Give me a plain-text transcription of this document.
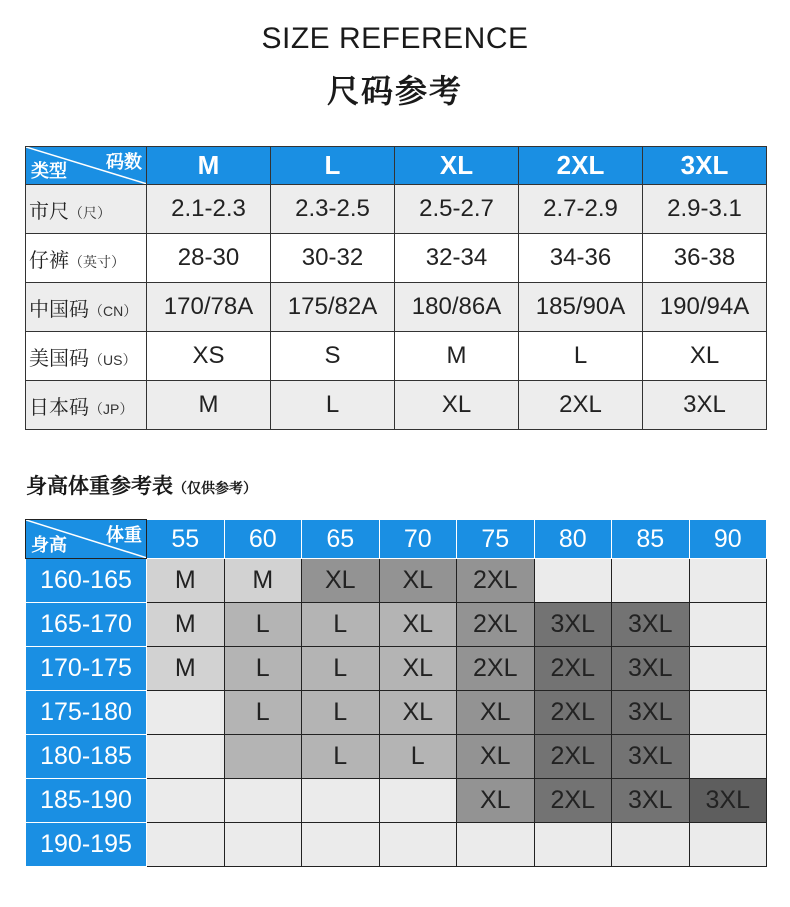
SIZE REFERENCE
尺码参考
码数
类型	M	L	XL	2XL	3XL
市尺（尺）	2.1-2.3	2.3-2.5	2.5-2.7	2.7-2.9	2.9-3.1
仔裤（英寸）	28-30	30-32	32-34	34-36	36-38
中国码（CN）	170/78A	175/82A	180/86A	185/90A	190/94A
美国码（US）	XS	S	M	L	XL
日本码（JP）	M	L	XL	2XL	3XL
身高体重参考表（仅供参考）
体重
身高	55	60	65	70	75	80	85	90
160-165	M	M	XL	XL	2XL			
165-170	M	L	L	XL	2XL	3XL	3XL	
170-175	M	L	L	XL	2XL	2XL	3XL	
175-180		L	L	XL	XL	2XL	3XL	
180-185			L	L	XL	2XL	3XL	
185-190					XL	2XL	3XL	3XL
190-195								
